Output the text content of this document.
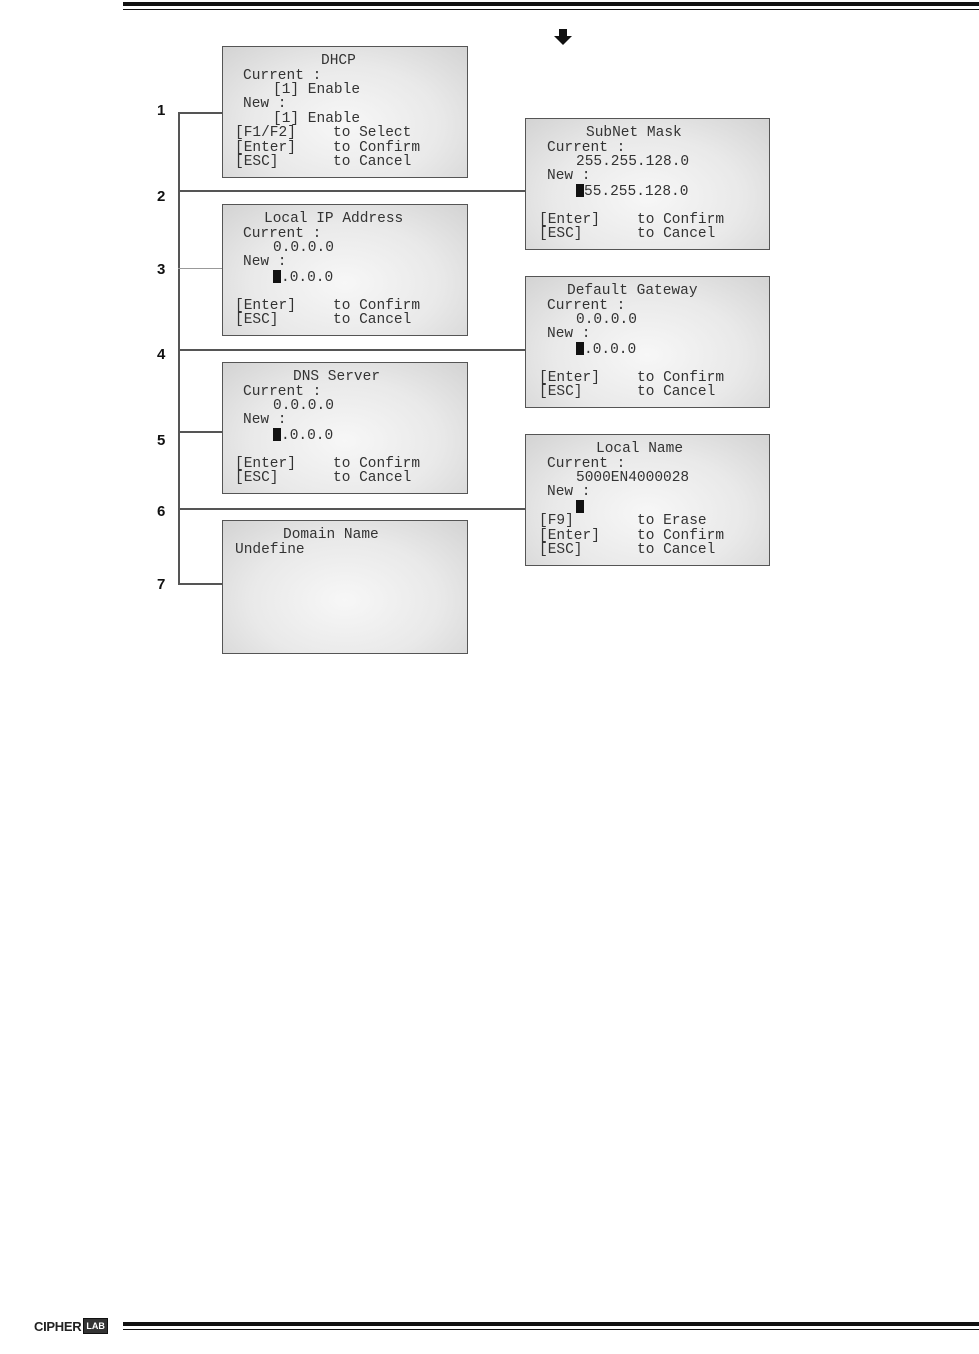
1
2
3
4
5
6
7
DHCP
Current :
[1] Enable
New :
[1] Enable
[F1/F2]	to Select
[Enter]	to Confirm
[ESC]	to Cancel
SubNet Mask
Current :
255.255.128.0
New :
55.255.128.0
[Enter]	to Confirm
[ESC]	to Cancel
Local IP Address
Current :
0.0.0.0
New :
.0.0.0
[Enter]	to Confirm
[ESC]	to Cancel
Default Gateway
Current :
0.0.0.0
New :
.0.0.0
[Enter]	to Confirm
[ESC]	to Cancel
DNS Server
Current :
0.0.0.0
New :
.0.0.0
[Enter]	to Confirm
[ESC]	to Cancel
Local Name
Current :
5000EN4000028
New :
[F9]	to Erase
[Enter]	to Confirm
[ESC]	to Cancel
Domain Name
Undefine
CIPHER LAB
